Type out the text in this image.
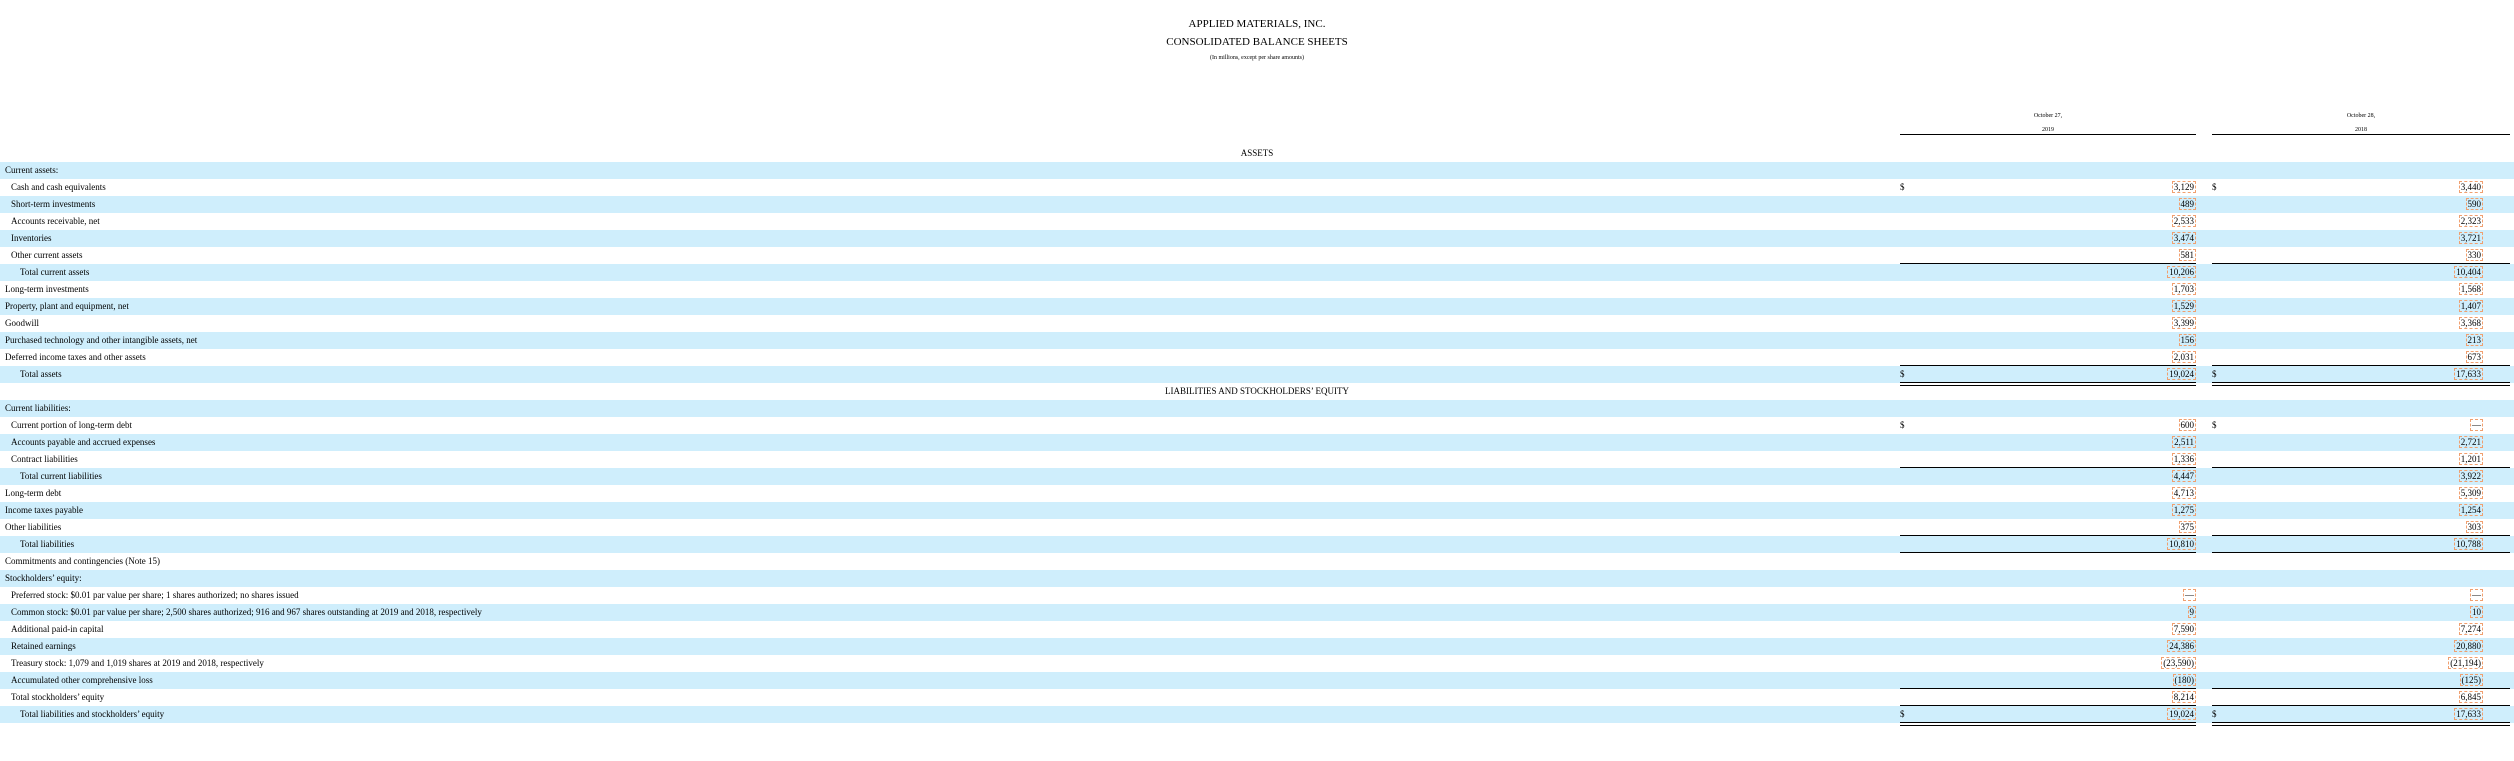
APPLIED MATERIALS, INC.
CONSOLIDATED BALANCE SHEETS
(In millions, except per share amounts)
October 27,
2019
October 28,
2018
ASSETS
Current assets:
Cash and cash equivalents	$	3,129 $	3,440
Short-term investments	489	590
Accounts receivable, net	2,533	2,323
Inventories	3,474	3,721
Other current assets	581	330
Total current assets	10,206	10,404
Long-term investments	1,703	1,568
Property, plant and equipment, net	1,529	1,407
Goodwill	3,399	3,368
Purchased technology and other intangible assets, net	156	213
Deferred income taxes and other assets	2,031	673
Total assets	$	19,024 $	17,633
LIABILITIES AND STOCKHOLDERS’ EQUITY
Current liabilities:
Current portion of long-term debt	$	600 $	—
Accounts payable and accrued expenses	2,511	2,721
Contract liabilities	1,336	1,201
Total current liabilities	4,447	3,922
Long-term debt	4,713	5,309
Income taxes payable	1,275	1,254
Other liabilities	375	303
Total liabilities	10,810	10,788
Commitments and contingencies (Note 15)
Stockholders’ equity:
Preferred stock: $0.01 par value per share; 1 shares authorized; no shares issued	—	—
Common stock: $0.01 par value per share; 2,500 shares authorized; 916 and 967 shares outstanding at 2019 and 2018, respectively	9	10
Additional paid-in capital	7,590	7,274
Retained earnings	24,386	20,880
Treasury stock: 1,079 and 1,019 shares at 2019 and 2018, respectively	(23,590)	(21,194)
Accumulated other comprehensive loss	(180)	(125)
Total stockholders’ equity	8,214	6,845
Total liabilities and stockholders’ equity	$	19,024 $	17,633
